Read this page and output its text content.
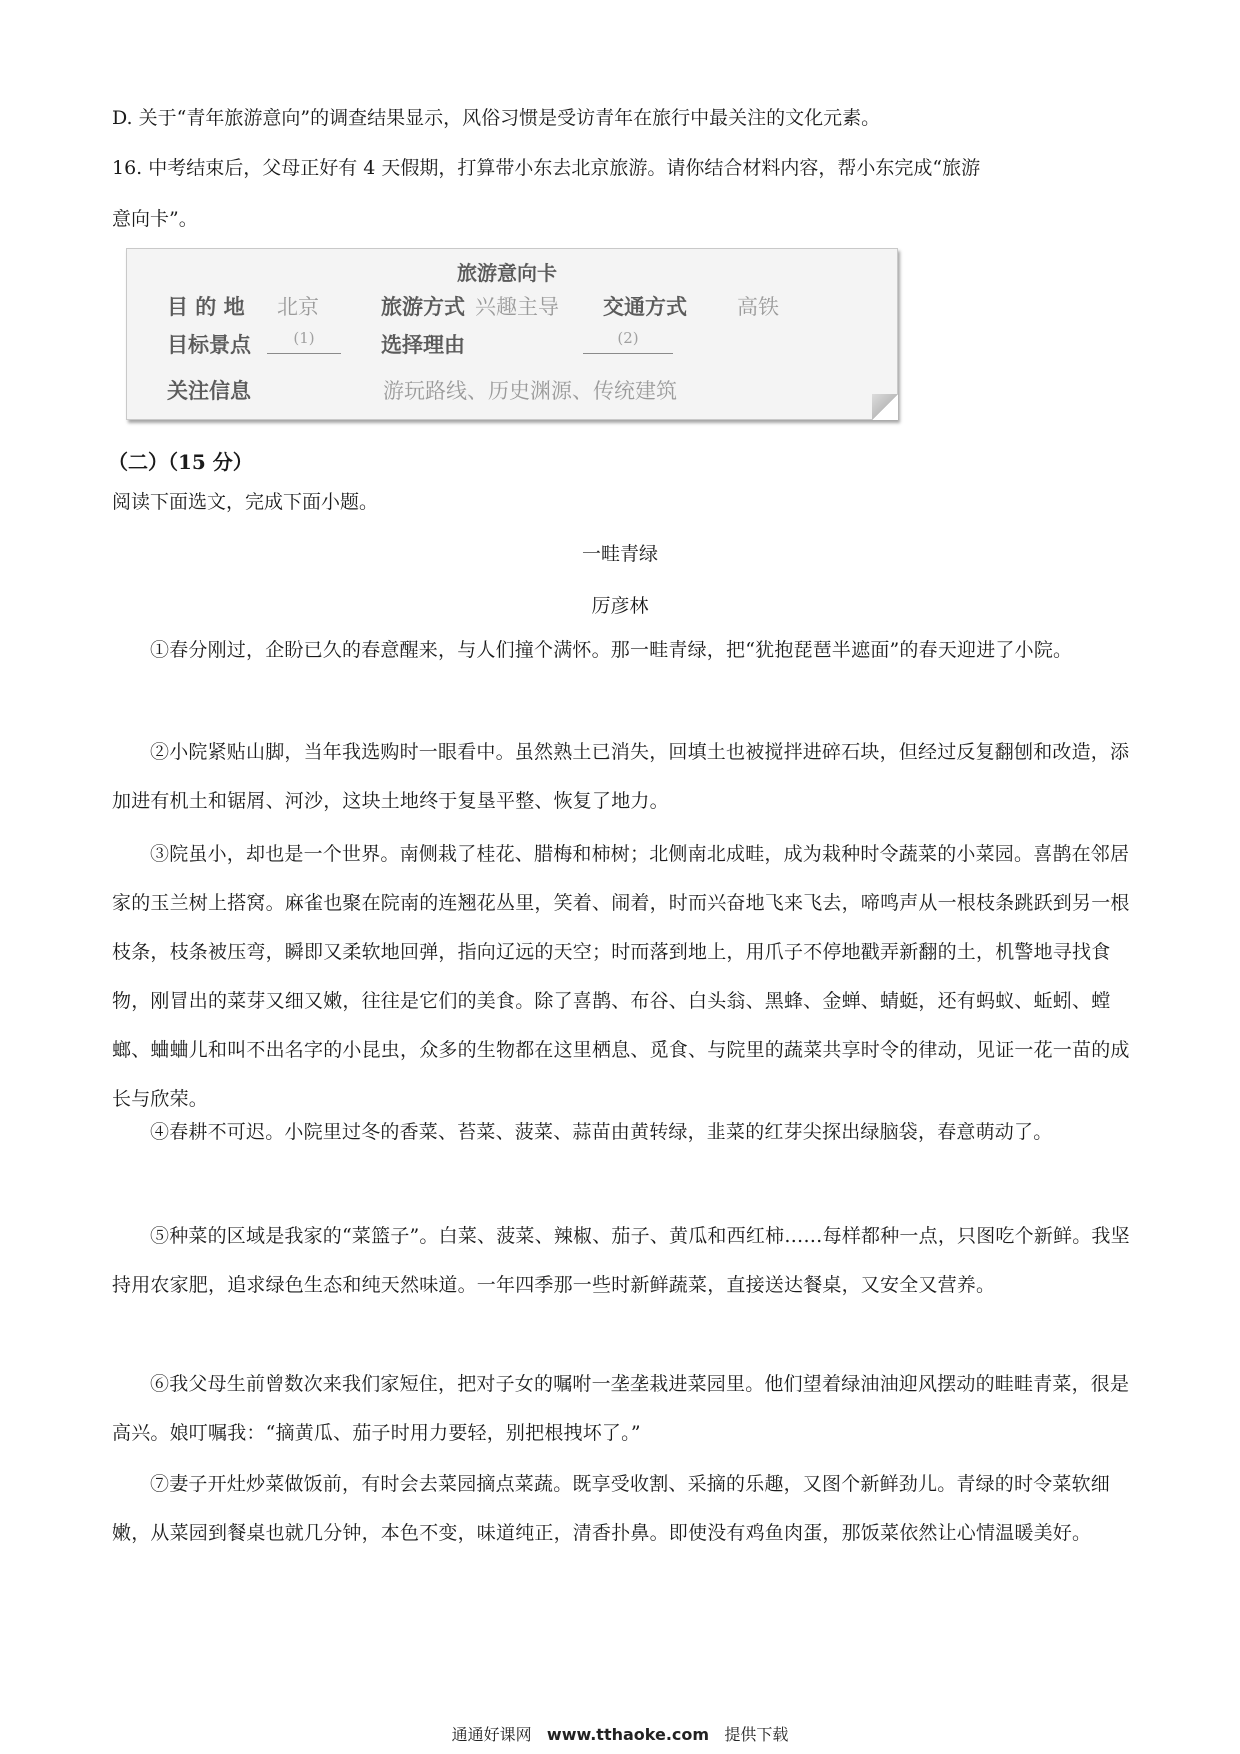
D. 关于“青年旅游意向”的调查结果显示，风俗习惯是受访青年在旅行中最关注的文化元素。
16. 中考结束后，父母正好有 4 天假期，打算带小东去北京旅游。请你结合材料内容，帮小东完成“旅游
意向卡”。
旅游意向卡
目 的 地 北京	旅游方式 兴趣主导 交通方式 高铁
目标景点	(1)	选择理由	(2)
关注信息	游玩路线、历史渊源、传统建筑
（二）（15 分）
阅读下面选文，完成下面小题。
一畦青绿
厉彦林
①春分刚过，企盼已久的春意醒来，与人们撞个满怀。那一畦青绿，把“犹抱琵琶半遮面”的春天迎进了小院。
②小院紧贴山脚，当年我选购时一眼看中。虽然熟土已消失，回填土也被搅拌进碎石块，但经过反复翻刨和改造，添加进有机土和锯屑、河沙，这块土地终于复垦平整、恢复了地力。
③院虽小，却也是一个世界。南侧栽了桂花、腊梅和柿树；北侧南北成畦，成为栽种时令蔬菜的小菜园。喜鹊在邻居家的玉兰树上搭窝。麻雀也聚在院南的连翘花丛里，笑着、闹着，时而兴奋地飞来飞去，啼鸣声从一根枝条跳跃到另一根枝条，枝条被压弯，瞬即又柔软地回弹，指向辽远的天空；时而落到地上，用爪子不停地戳弄新翻的土，机警地寻找食物，刚冒出的菜芽又细又嫩，往往是它们的美食。除了喜鹊、布谷、白头翁、黑蜂、金蝉、蜻蜓，还有蚂蚁、蚯蚓、螳螂、蛐蛐儿和叫不出名字的小昆虫，众多的生物都在这里栖息、觅食、与院里的蔬菜共享时令的律动，见证一花一苗的成长与欣荣。
④春耕不可迟。小院里过冬的香菜、苔菜、菠菜、蒜苗由黄转绿，韭菜的红芽尖探出绿脑袋，春意萌动了。
⑤种菜的区域是我家的“菜篮子”。白菜、菠菜、辣椒、茄子、黄瓜和西红柿……每样都种一点，只图吃个新鲜。我坚持用农家肥，追求绿色生态和纯天然味道。一年四季那一些时新鲜蔬菜，直接送达餐桌，又安全又营养。
⑥我父母生前曾数次来我们家短住，把对子女的嘱咐一垄垄栽进菜园里。他们望着绿油油迎风摆动的畦畦青菜，很是高兴。娘叮嘱我：“摘黄瓜、茄子时用力要轻，别把根拽坏了。”
⑦妻子开灶炒菜做饭前，有时会去菜园摘点菜蔬。既享受收割、采摘的乐趣，又图个新鲜劲儿。青绿的时令菜软细嫩，从菜园到餐桌也就几分钟，本色不变，味道纯正，清香扑鼻。即使没有鸡鱼肉蛋，那饭菜依然让心情温暖美好。
通通好课网 www.tthaoke.com 提供下载
